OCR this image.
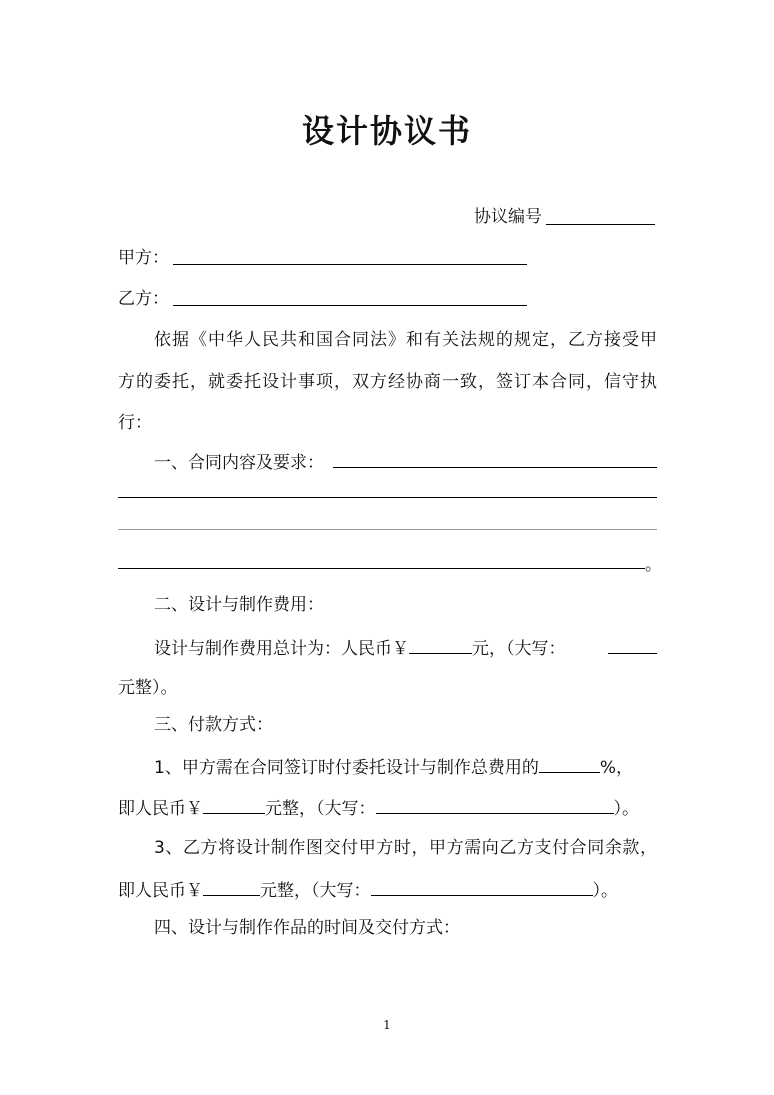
设计协议书
协议编号
甲方：
乙方：
依据《中华人民共和国合同法》和有关法规的规定，乙方接受甲
方的委托，就委托设计事项，双方经协商一致，签订本合同，信守执
行：
一、合同内容及要求：
。
二、设计与制作费用：
设计与制作费用总计为：人民币￥	元，（大写：
元整）。
三、付款方式：
1、甲方需在合同签订时付委托设计与制作总费用的	%，
即人民币￥	元整，（大写：	）。
3、乙方将设计制作图交付甲方时，甲方需向乙方支付合同余款，
即人民币￥	元整，（大写：	）。
四、设计与制作作品的时间及交付方式：
1
